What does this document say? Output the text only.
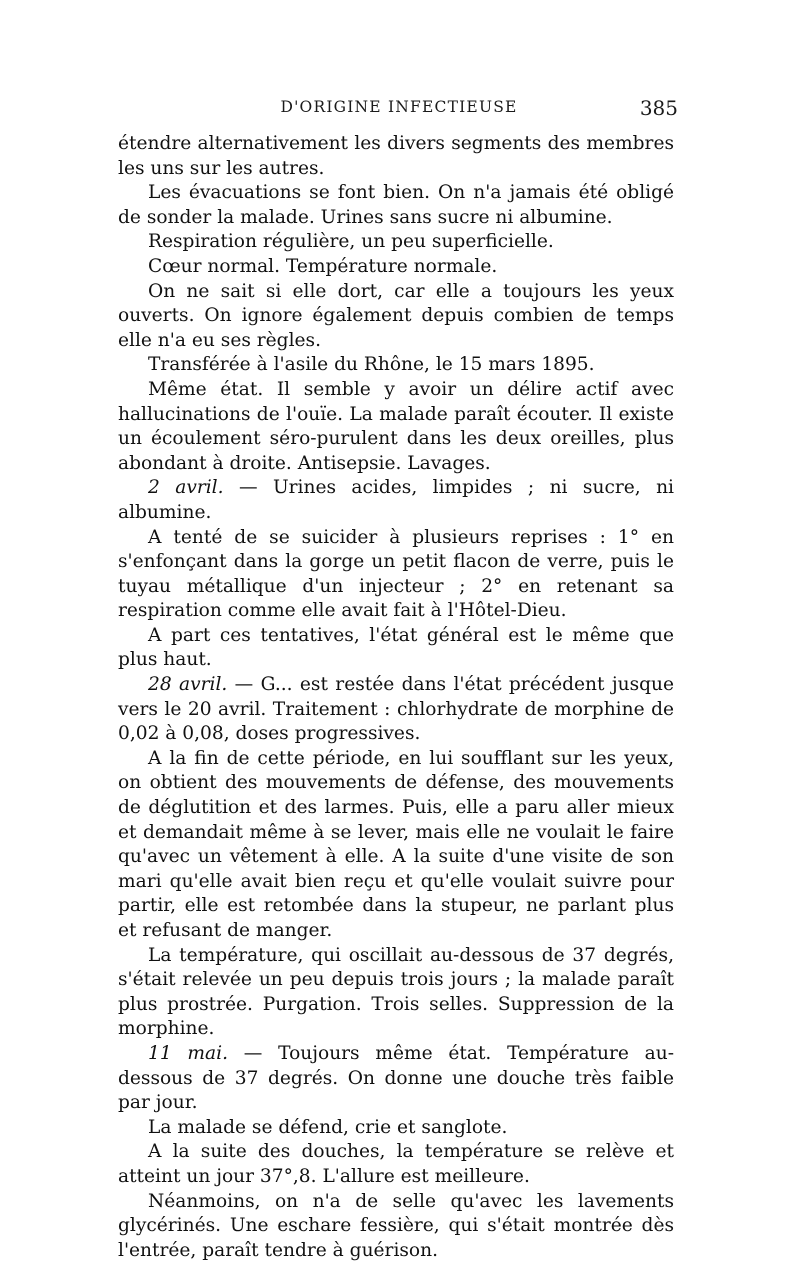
D'ORIGINE INFECTIEUSE	385

étendre alternativement les divers segments des membres les uns sur les autres.

Les évacuations se font bien. On n'a jamais été obligé de sonder la malade. Urines sans sucre ni albumine.

Respiration régulière, un peu superficielle.

Cœur normal. Température normale.

On ne sait si elle dort, car elle a toujours les yeux ouverts. On ignore également depuis combien de temps elle n'a eu ses règles.

Transférée à l'asile du Rhône, le 15 mars 1895.

Même état. Il semble y avoir un délire actif avec hallucinations de l'ouïe. La malade paraît écouter. Il existe un écoulement séro-purulent dans les deux oreilles, plus abondant à droite. Antisepsie. Lavages.

2 avril. — Urines acides, limpides ; ni sucre, ni albumine.

A tenté de se suicider à plusieurs reprises : 1° en s'enfonçant dans la gorge un petit flacon de verre, puis le tuyau métallique d'un injecteur ; 2° en retenant sa respiration comme elle avait fait à l'Hôtel-Dieu.

A part ces tentatives, l'état général est le même que plus haut.

28 avril. — G... est restée dans l'état précédent jusque vers le 20 avril. Traitement : chlorhydrate de morphine de 0,02 à 0,08, doses progressives.

A la fin de cette période, en lui soufflant sur les yeux, on obtient des mouvements de défense, des mouvements de déglutition et des larmes. Puis, elle a paru aller mieux et demandait même à se lever, mais elle ne voulait le faire qu'avec un vêtement à elle. A la suite d'une visite de son mari qu'elle avait bien reçu et qu'elle voulait suivre pour partir, elle est retombée dans la stupeur, ne parlant plus et refusant de manger.

La température, qui oscillait au-dessous de 37 degrés, s'était relevée un peu depuis trois jours ; la malade paraît plus prostrée. Purgation. Trois selles. Suppression de la morphine.

11 mai. — Toujours même état. Température au-dessous de 37 degrés. On donne une douche très faible par jour.

La malade se défend, crie et sanglote.

A la suite des douches, la température se relève et atteint un jour 37°,8. L'allure est meilleure.

Néanmoins, on n'a de selle qu'avec les lavements glycérinés. Une eschare fessière, qui s'était montrée dès l'entrée, paraît tendre à guérison.
